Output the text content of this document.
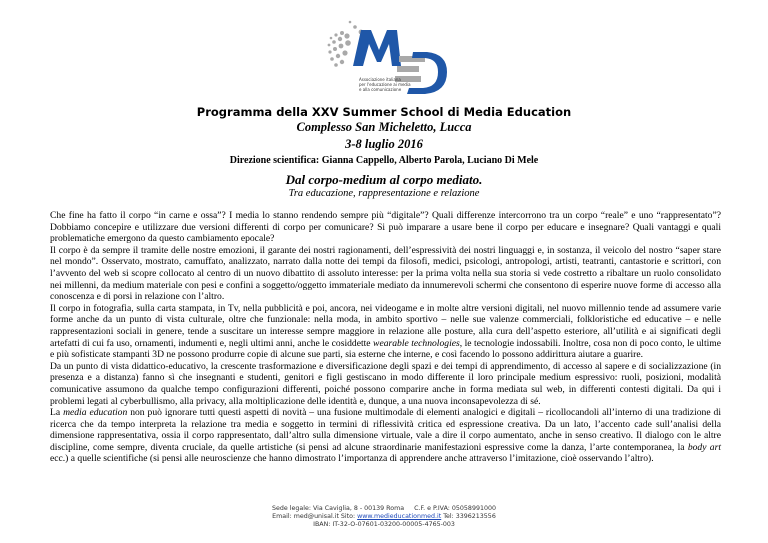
Associazione italiana
per l'educazione ai media
e alla comunicazione
Programma della XXV Summer School di Media Education
Complesso San Micheletto, Lucca
3-8 luglio 2016
Direzione scientifica: Gianna Cappello, Alberto Parola, Luciano Di Mele
Dal corpo-medium al corpo mediato.
Tra educazione, rappresentazione e relazione

Che fine ha fatto il corpo “in carne e ossa”? I media lo stanno rendendo sempre più “digitale”? Quali differenze intercorrono tra un corpo “reale” e uno “rappresentato”? Dobbiamo concepire e utilizzare due versioni differenti di corpo per comunicare? Si può imparare a usare bene il corpo per educare e insegnare? Quali vantaggi e quali problematiche emergono da questo cambiamento epocale?

Il corpo è da sempre il tramite delle nostre emozioni, il garante dei nostri ragionamenti, dell’espressività dei nostri linguaggi e, in sostanza, il veicolo del nostro “saper stare nel mondo”. Osservato, mostrato, camuffato, analizzato, narrato dalla notte dei tempi da filosofi, medici, psicologi, antropologi, artisti, teatranti, cantastorie e scrittori, con l’avvento del web si scopre collocato al centro di un nuovo dibattito di assoluto interesse: per la prima volta nella sua storia si vede costretto a ribaltare un ruolo consolidato nei millenni, da medium materiale con pesi e confini a soggetto/oggetto immateriale mediato da innumerevoli schermi che consentono di esperire nuove forme di accesso alla conoscenza e di porsi in relazione con l’altro.

Il corpo in fotografia, sulla carta stampata, in Tv, nella pubblicità e poi, ancora, nei videogame e in molte altre versioni digitali, nel nuovo millennio tende ad assumere varie forme anche da un punto di vista culturale, oltre che funzionale: nella moda, in ambito sportivo – nelle sue valenze commerciali, folkloristiche ed educative – e nelle rappresentazioni sociali in genere, tende a suscitare un interesse sempre maggiore in relazione alle posture, alla cura dell’aspetto esteriore, all’utilità e ai significati degli artefatti di cui fa uso, ornamenti, indumenti e, negli ultimi anni, anche le cosiddette wearable technologies, le tecnologie indossabili. Inoltre, cosa non di poco conto, le ultime e più sofisticate stampanti 3D ne possono produrre copie di alcune sue parti, sia esterne che interne, e così facendo lo possono addirittura aiutare a guarire.

Da un punto di vista didattico-educativo, la crescente trasformazione e diversificazione degli spazi e dei tempi di apprendimento, di accesso al sapere e di socializzazione (in presenza e a distanza) fanno sì che insegnanti e studenti, genitori e figli gestiscano in modo differente il loro principale medium espressivo: ruoli, posizioni, modalità comunicative assumono da qualche tempo configurazioni differenti, poiché possono comparire anche in forma mediata sul web, in differenti contesti digitali. Da qui i problemi legati al cyberbullismo, alla privacy, alla moltiplicazione delle identità e, dunque, a una nuova inconsapevolezza di sé.

La media education non può ignorare tutti questi aspetti di novità – una fusione multimodale di elementi analogici e digitali – ricollocandoli all’interno di una tradizione di ricerca che da tempo interpreta la relazione tra media e soggetto in termini di riflessività critica ed espressione creativa. Da un lato, l’accento cade sull’analisi della dimensione rappresentativa, ossia il corpo rappresentato, dall’altro sulla dimensione virtuale, vale a dire il corpo aumentato, anche in senso creativo. Il dialogo con le altre discipline, come sempre, diventa cruciale, da quelle artistiche (si pensi ad alcune straordinarie manifestazioni espressive come la danza, l’arte contemporanea, la body art ecc.) a quelle scientifiche (si pensi alle neuroscienze che hanno dimostrato l’importanza di apprendere anche attraverso l’imitazione, cioè osservando l’altro).

Sede legale: Via Caviglia, 8 - 00139 Roma C.F. e P.IVA: 05058991000
Email: med@unisal.it Sito: www.medieducationmed.it Tel: 3396213556
IBAN: IT-32-O-07601-03200-00005-4765-003
